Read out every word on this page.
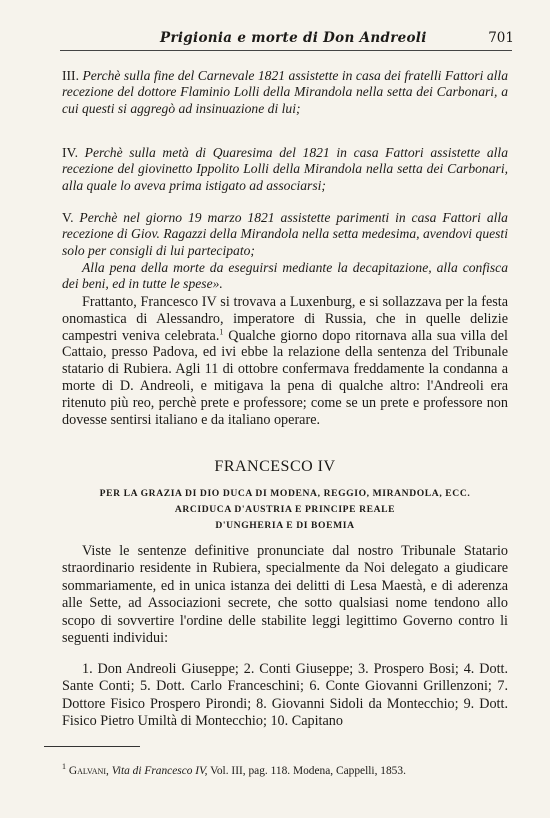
Prigionia e morte di Don Andreoli	701
III. Perchè sulla fine del Carnevale 1821 assistette in casa dei fratelli Fattori alla recezione del dottore Flaminio Lolli della Mirandola nella setta dei Carbonari, a cui questi si aggregò ad insinuazione di lui;
IV. Perchè sulla metà di Quaresima del 1821 in casa Fattori assistette alla recezione del giovinetto Ippolito Lolli della Mirandola nella setta dei Carbonari, alla quale lo aveva prima istigato ad associarsi;
V. Perchè nel giorno 19 marzo 1821 assistette parimenti in casa Fattori alla recezione di Giov. Ragazzi della Mirandola nella setta medesima, avendovi questi solo per consigli di lui partecipato;
Alla pena della morte da eseguirsi mediante la decapitazione, alla confisca dei beni, ed in tutte le spese».
Frattanto, Francesco IV si trovava a Luxenburg, e si sollazzava per la festa onomastica di Alessandro, imperatore di Russia, che in quelle delizie campestri veniva celebrata.$^1$ Qualche giorno dopo ritornava alla sua villa del Cattaio, presso Padova, ed ivi ebbe la relazione della sentenza del Tribunale statario di Rubiera. Agli 11 di ottobre confermava freddamente la condanna a morte di D. Andreoli, e mitigava la pena di qualche altro: l'Andreoli era ritenuto più reo, perchè prete e professore; come se un prete e professore non dovesse sentirsi italiano e da italiano operare.
FRANCESCO IV
PER LA GRAZIA DI DIO DUCA DI MODENA, REGGIO, MIRANDOLA, ECC.
ARCIDUCA D'AUSTRIA E PRINCIPE REALE
D'UNGHERIA E DI BOEMIA
Viste le sentenze definitive pronunciate dal nostro Tribunale Statario straordinario residente in Rubiera, specialmente da Noi delegato a giudicare sommariamente, ed in unica istanza dei delitti di Lesa Maestà, e di aderenza alle Sette, ad Associazioni secrete, che sotto qualsiasi nome tendono allo scopo di sovvertire l'ordine delle stabilite leggi legittimo Governo contro li seguenti individui:
1. Don Andreoli Giuseppe; 2. Conti Giuseppe; 3. Prospero Bosi; 4. Dott. Sante Conti; 5. Dott. Carlo Franceschini; 6. Conte Giovanni Grillenzoni; 7. Dottore Fisico Prospero Pirondi; 8. Giovanni Sidoli da Montecchio; 9. Dott. Fisico Pietro Umiltà di Montecchio; 10. Capitano
$^1$ Galvani, Vita di Francesco IV, Vol. III, pag. 118. Modena, Cappelli, 1853.
